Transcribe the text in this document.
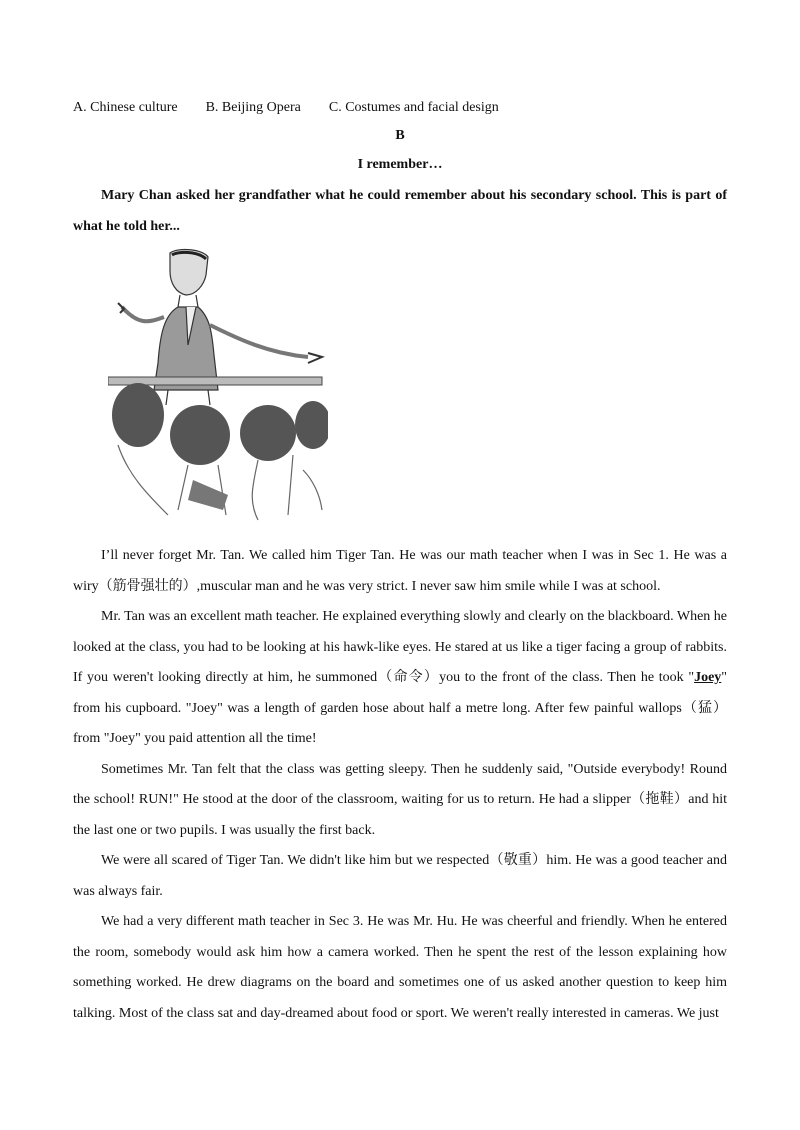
A. Chinese culture B. Beijing Opera C. Costumes and facial design
B
I remember…

Mary Chan asked her grandfather what he could remember about his secondary school. This is part of what he told her...

I’ll never forget Mr. Tan. We called him Tiger Tan. He was our math teacher when I was in Sec 1. He was a wiry（筋骨强壮的）,muscular man and he was very strict. I never saw him smile while I was at school.

Mr. Tan was an excellent math teacher. He explained everything slowly and clearly on the blackboard. When he looked at the class, you had to be looking at his hawk-like eyes. He stared at us like a tiger facing a group of rabbits. If you weren't looking directly at him, he summoned（命令）you to the front of the class. Then he took "Joey" from his cupboard. "Joey" was a length of garden hose about half a metre long. After few painful wallops（猛） from "Joey" you paid attention all the time!

Sometimes Mr. Tan felt that the class was getting sleepy. Then he suddenly said, "Outside everybody! Round the school! RUN!" He stood at the door of the classroom, waiting for us to return. He had a slipper（拖鞋）and hit the last one or two pupils. I was usually the first back.

We were all scared of Tiger Tan. We didn't like him but we respected（敬重）him. He was a good teacher and was always fair.

We had a very different math teacher in Sec 3. He was Mr. Hu. He was cheerful and friendly. When he entered the room, somebody would ask him how a camera worked. Then he spent the rest of the lesson explaining how something worked. He drew diagrams on the board and sometimes one of us asked another question to keep him talking. Most of the class sat and day-dreamed about food or sport. We weren't really interested in cameras. We just
